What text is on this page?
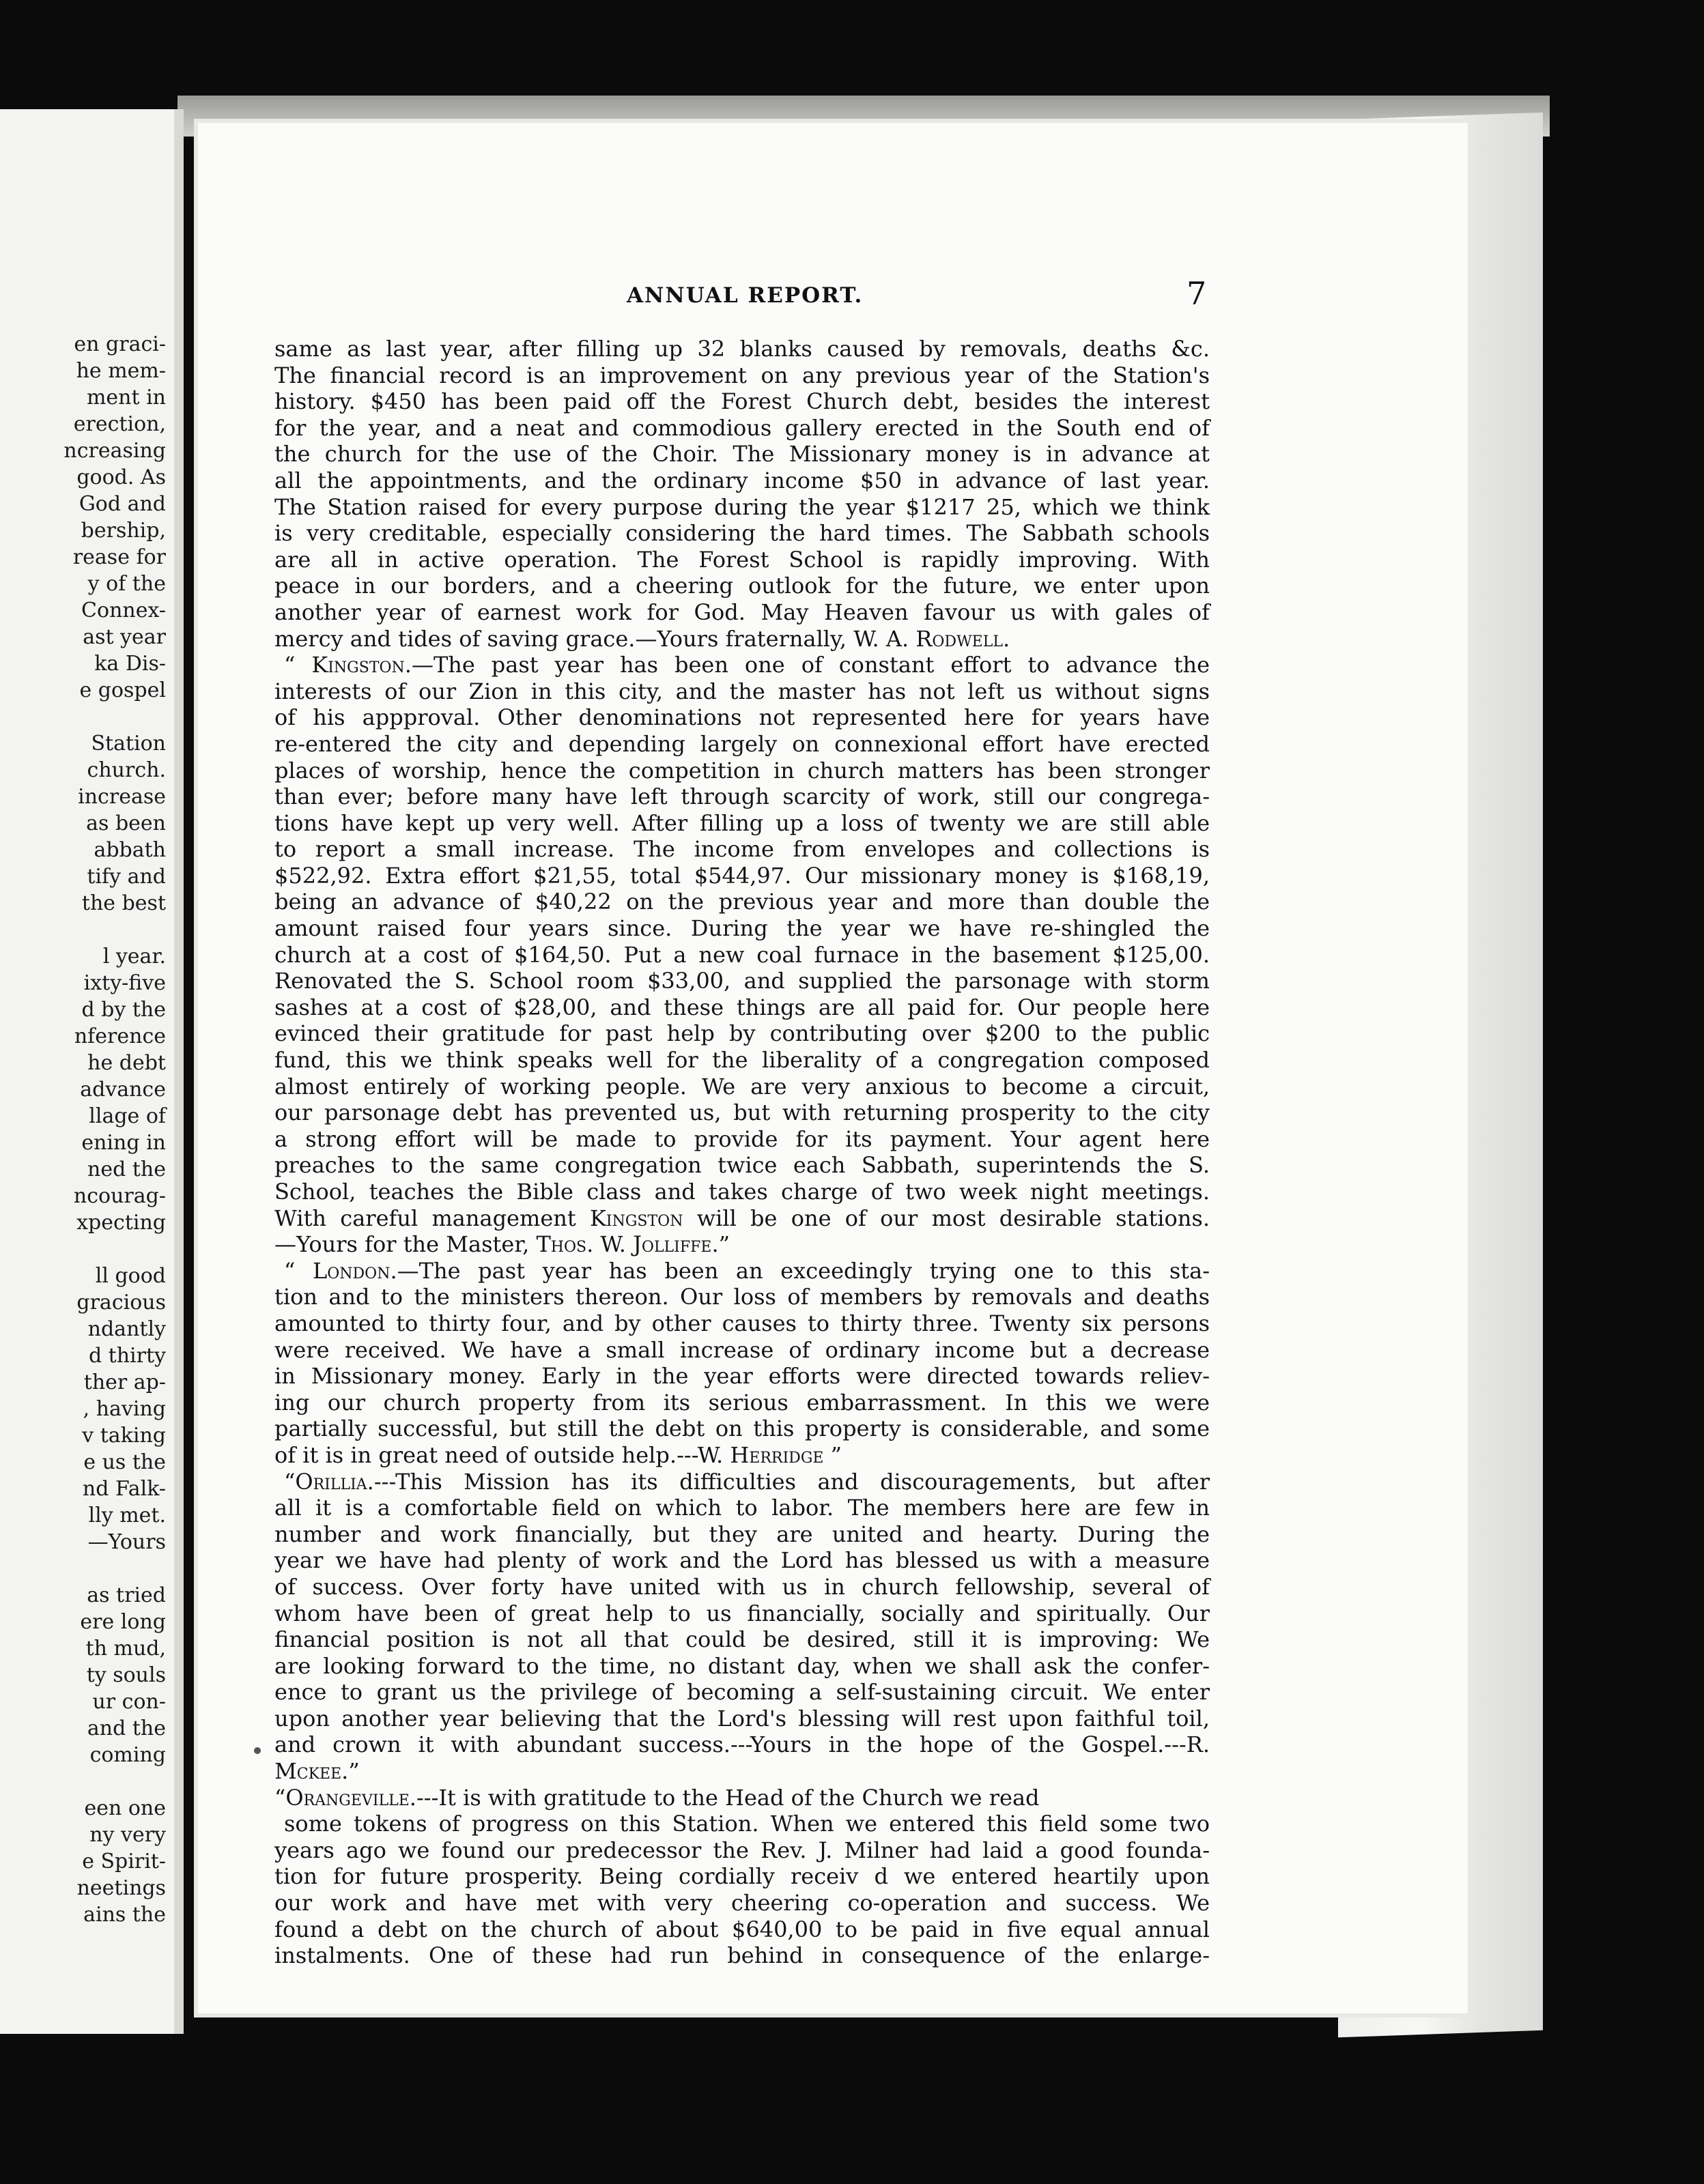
en graci-
he mem-
ment in
erection,
ncreasing
good. As
God and
bership,
rease for
y of the
Connex-
ast year
ka Dis-
e gospel
Station
church.
increase
as been
abbath
tify and
the best
l year.
ixty-five
d by the
nference
he debt
advance
llage of
ening in
ned the
ncourag-
xpecting
ll good
gracious
ndantly
d thirty
ther ap-
, having
v taking
e us the
nd Falk-
lly met.
—Yours
as tried
ere long
th mud,
ty souls
ur con-
and the
coming
een one
ny very
e Spirit-
neetings
ains the
ANNUAL REPORT.	7
same as last year, after filling up 32 blanks caused by removals, deaths &c.
The financial record is an improvement on any previous year of the Station's
history. $450 has been paid off the Forest Church debt, besides the interest
for the year, and a neat and commodious gallery erected in the South end of
the church for the use of the Choir. The Missionary money is in advance at
all the appointments, and the ordinary income $50 in advance of last year.
The Station raised for every purpose during the year $1217 25, which we think
is very creditable, especially considering the hard times. The Sabbath schools
are all in active operation. The Forest School is rapidly improving. With
peace in our borders, and a cheering outlook for the future, we enter upon
another year of earnest work for God. May Heaven favour us with gales of
mercy and tides of saving grace.—Yours fraternally, W. A. Rodwell.
“ Kingston.—The past year has been one of constant effort to advance the
interests of our Zion in this city, and the master has not left us without signs
of his appproval. Other denominations not represented here for years have
re-entered the city and depending largely on connexional effort have erected
places of worship, hence the competition in church matters has been stronger
than ever; before many have left through scarcity of work, still our congrega-
tions have kept up very well. After filling up a loss of twenty we are still able
to report a small increase. The income from envelopes and collections is
$522,92. Extra effort $21,55, total $544,97. Our missionary money is $168,19,
being an advance of $40,22 on the previous year and more than double the
amount raised four years since. During the year we have re-shingled the
church at a cost of $164,50. Put a new coal furnace in the basement $125,00.
Renovated the S. School room $33,00, and supplied the parsonage with storm
sashes at a cost of $28,00, and these things are all paid for. Our people here
evinced their gratitude for past help by contributing over $200 to the public
fund, this we think speaks well for the liberality of a congregation composed
almost entirely of working people. We are very anxious to become a circuit,
our parsonage debt has prevented us, but with returning prosperity to the city
a strong effort will be made to provide for its payment. Your agent here
preaches to the same congregation twice each Sabbath, superintends the S.
School, teaches the Bible class and takes charge of two week night meetings.
With careful management Kingston will be one of our most desirable stations.
—Yours for the Master, Thos. W. Jolliffe.”
“ London.—The past year has been an exceedingly trying one to this sta-
tion and to the ministers thereon. Our loss of members by removals and deaths
amounted to thirty four, and by other causes to thirty three. Twenty six persons
were received. We have a small increase of ordinary income but a decrease
in Missionary money. Early in the year efforts were directed towards reliev-
ing our church property from its serious embarrassment. In this we were
partially successful, but still the debt on this property is considerable, and some
of it is in great need of outside help.---W. Herridge ”
“Orillia.---This Mission has its difficulties and discouragements, but after
all it is a comfortable field on which to labor. The members here are few in
number and work financially, but they are united and hearty. During the
year we have had plenty of work and the Lord has blessed us with a measure
of success. Over forty have united with us in church fellowship, several of
whom have been of great help to us financially, socially and spiritually. Our
financial position is not all that could be desired, still it is improving: We
are looking forward to the time, no distant day, when we shall ask the confer-
ence to grant us the privilege of becoming a self-sustaining circuit. We enter
upon another year believing that the Lord's blessing will rest upon faithful toil,
and crown it with abundant success.---Yours in the hope of the Gospel.---R.
Mckee.”
“Orangeville.---It is with gratitude to the Head of the Church we read
some tokens of progress on this Station. When we entered this field some two
years ago we found our predecessor the Rev. J. Milner had laid a good founda-
tion for future prosperity. Being cordially receiv d we entered heartily upon
our work and have met with very cheering co-operation and success. We
found a debt on the church of about $640,00 to be paid in five equal annual
instalments. One of these had run behind in consequence of the enlarge-
